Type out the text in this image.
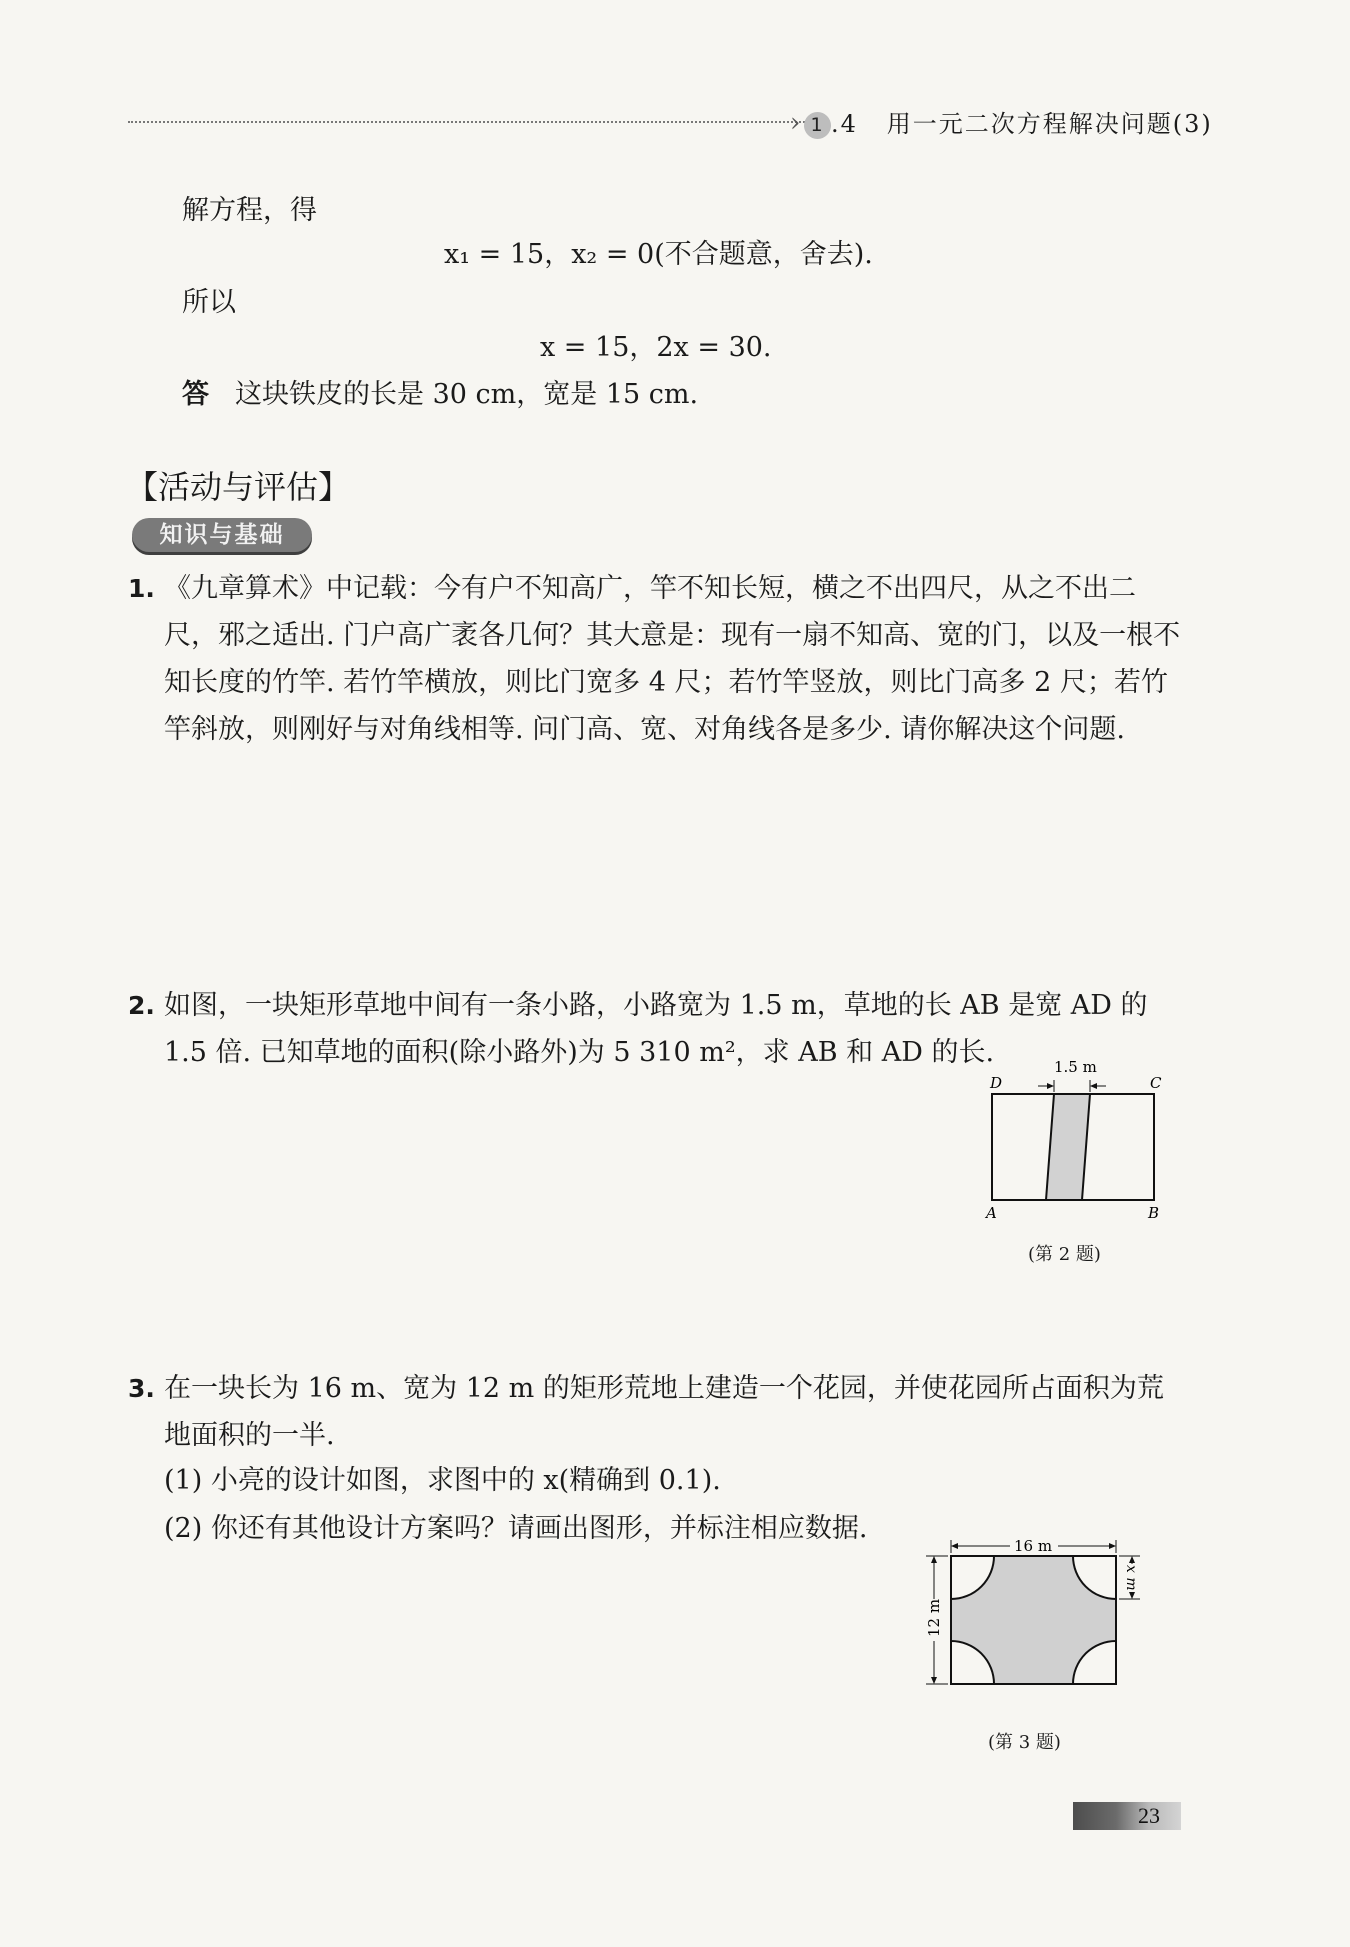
› 1 .4 用一元二次方程解决问题(3)
解方程，得
x₁ = 15，x₂ = 0(不合题意，舍去).
所以
x = 15，2x = 30.
答 这块铁皮的长是 30 cm，宽是 15 cm.
【活动与评估】
知识与基础
1. 《九章算术》中记载：今有户不知高广，竿不知长短，横之不出四尺，从之不出二尺，邪之适出. 门户高广袤各几何？其大意是：现有一扇不知高、宽的门，以及一根不知长度的竹竿. 若竹竿横放，则比门宽多 4 尺；若竹竿竖放，则比门高多 2 尺；若竹竿斜放，则刚好与对角线相等. 问门高、宽、对角线各是多少. 请你解决这个问题.
2. 如图，一块矩形草地中间有一条小路，小路宽为 1.5 m，草地的长 AB 是宽 AD 的 1.5 倍. 已知草地的面积(除小路外)为 5 310 m²，求 AB 和 AD 的长.	1.5 m
D	C
A	B
(第 2 题)
3. 在一块长为 16 m、宽为 12 m 的矩形荒地上建造一个花园，并使花园所占面积为荒地面积的一半.
(1) 小亮的设计如图，求图中的 x(精确到 0.1).
(2) 你还有其他设计方案吗？请画出图形，并标注相应数据.
16 m
12 m
x m
(第 3 题)
23
